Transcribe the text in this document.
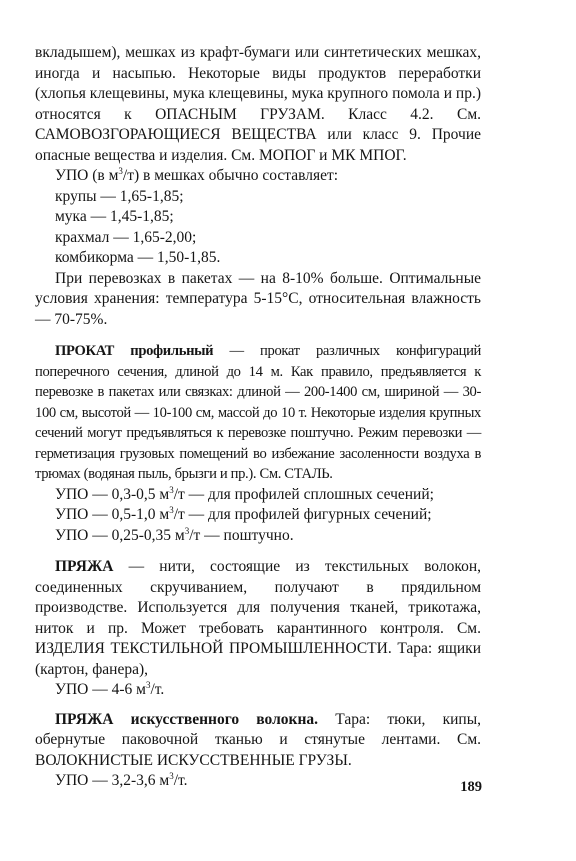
вкладышем), мешках из крафт-бумаги или синтетических мешках, иногда и насыпью. Некоторые виды продуктов переработки (хлопья клещевины, мука клещевины, мука крупного помола и пр.) относятся к ОПАСНЫМ ГРУЗАМ. Класс 4.2. См. САМОВОЗГОРАЮЩИЕСЯ ВЕЩЕСТВА или класс 9. Прочие опасные вещества и изделия. См. МОПОГ и МК МПОГ.

УПО (в $м^3/т$) в мешках обычно составляет:

крупы — 1,65-1,85;

мука — 1,45-1,85;

крахмал — 1,65-2,00;

комбикорма — 1,50-1,85.

При перевозках в пакетах — на 8-10% больше. Оптимальные условия хранения: температура 5-15°С, относительная влажность — 70-75%.

ПРОКАТ профильный — прокат различных конфигураций поперечного сечения, длиной до 14 м. Как правило, предъявляется к перевозке в пакетах или связках: длиной — 200-1400 см, шириной — 30-100 см, высотой — 10-100 см, массой до 10 т. Некоторые изделия крупных сечений могут предъявляться к перевозке поштучно. Режим перевозки — герметизация грузовых помещений во избежание засоленности воздуха в трюмах (водяная пыль, брызги и пр.). См. СТАЛЬ.

УПО — 0,3-0,5 $м^3/т$ — для профилей сплошных сечений;

УПО — 0,5-1,0 $м^3/т$ — для профилей фигурных сечений;

УПО — 0,25-0,35 $м^3/т$ — поштучно.

ПРЯЖА — нити, состоящие из текстильных волокон, соединенных скручиванием, получают в прядильном производстве. Используется для получения тканей, трикотажа, ниток и пр. Может требовать карантинного контроля. См. ИЗДЕЛИЯ ТЕКСТИЛЬНОЙ ПРОМЫШЛЕННОСТИ. Тара: ящики (картон, фанера),

УПО — 4-6 $м^3/т$.

ПРЯЖА искусственного волокна. Тара: тюки, кипы, обернутые паковочной тканью и стянутые лентами. См. ВОЛОКНИСТЫЕ ИСКУССТВЕННЫЕ ГРУЗЫ.

УПО — 3,2-3,6 $м^3/т$.	189
